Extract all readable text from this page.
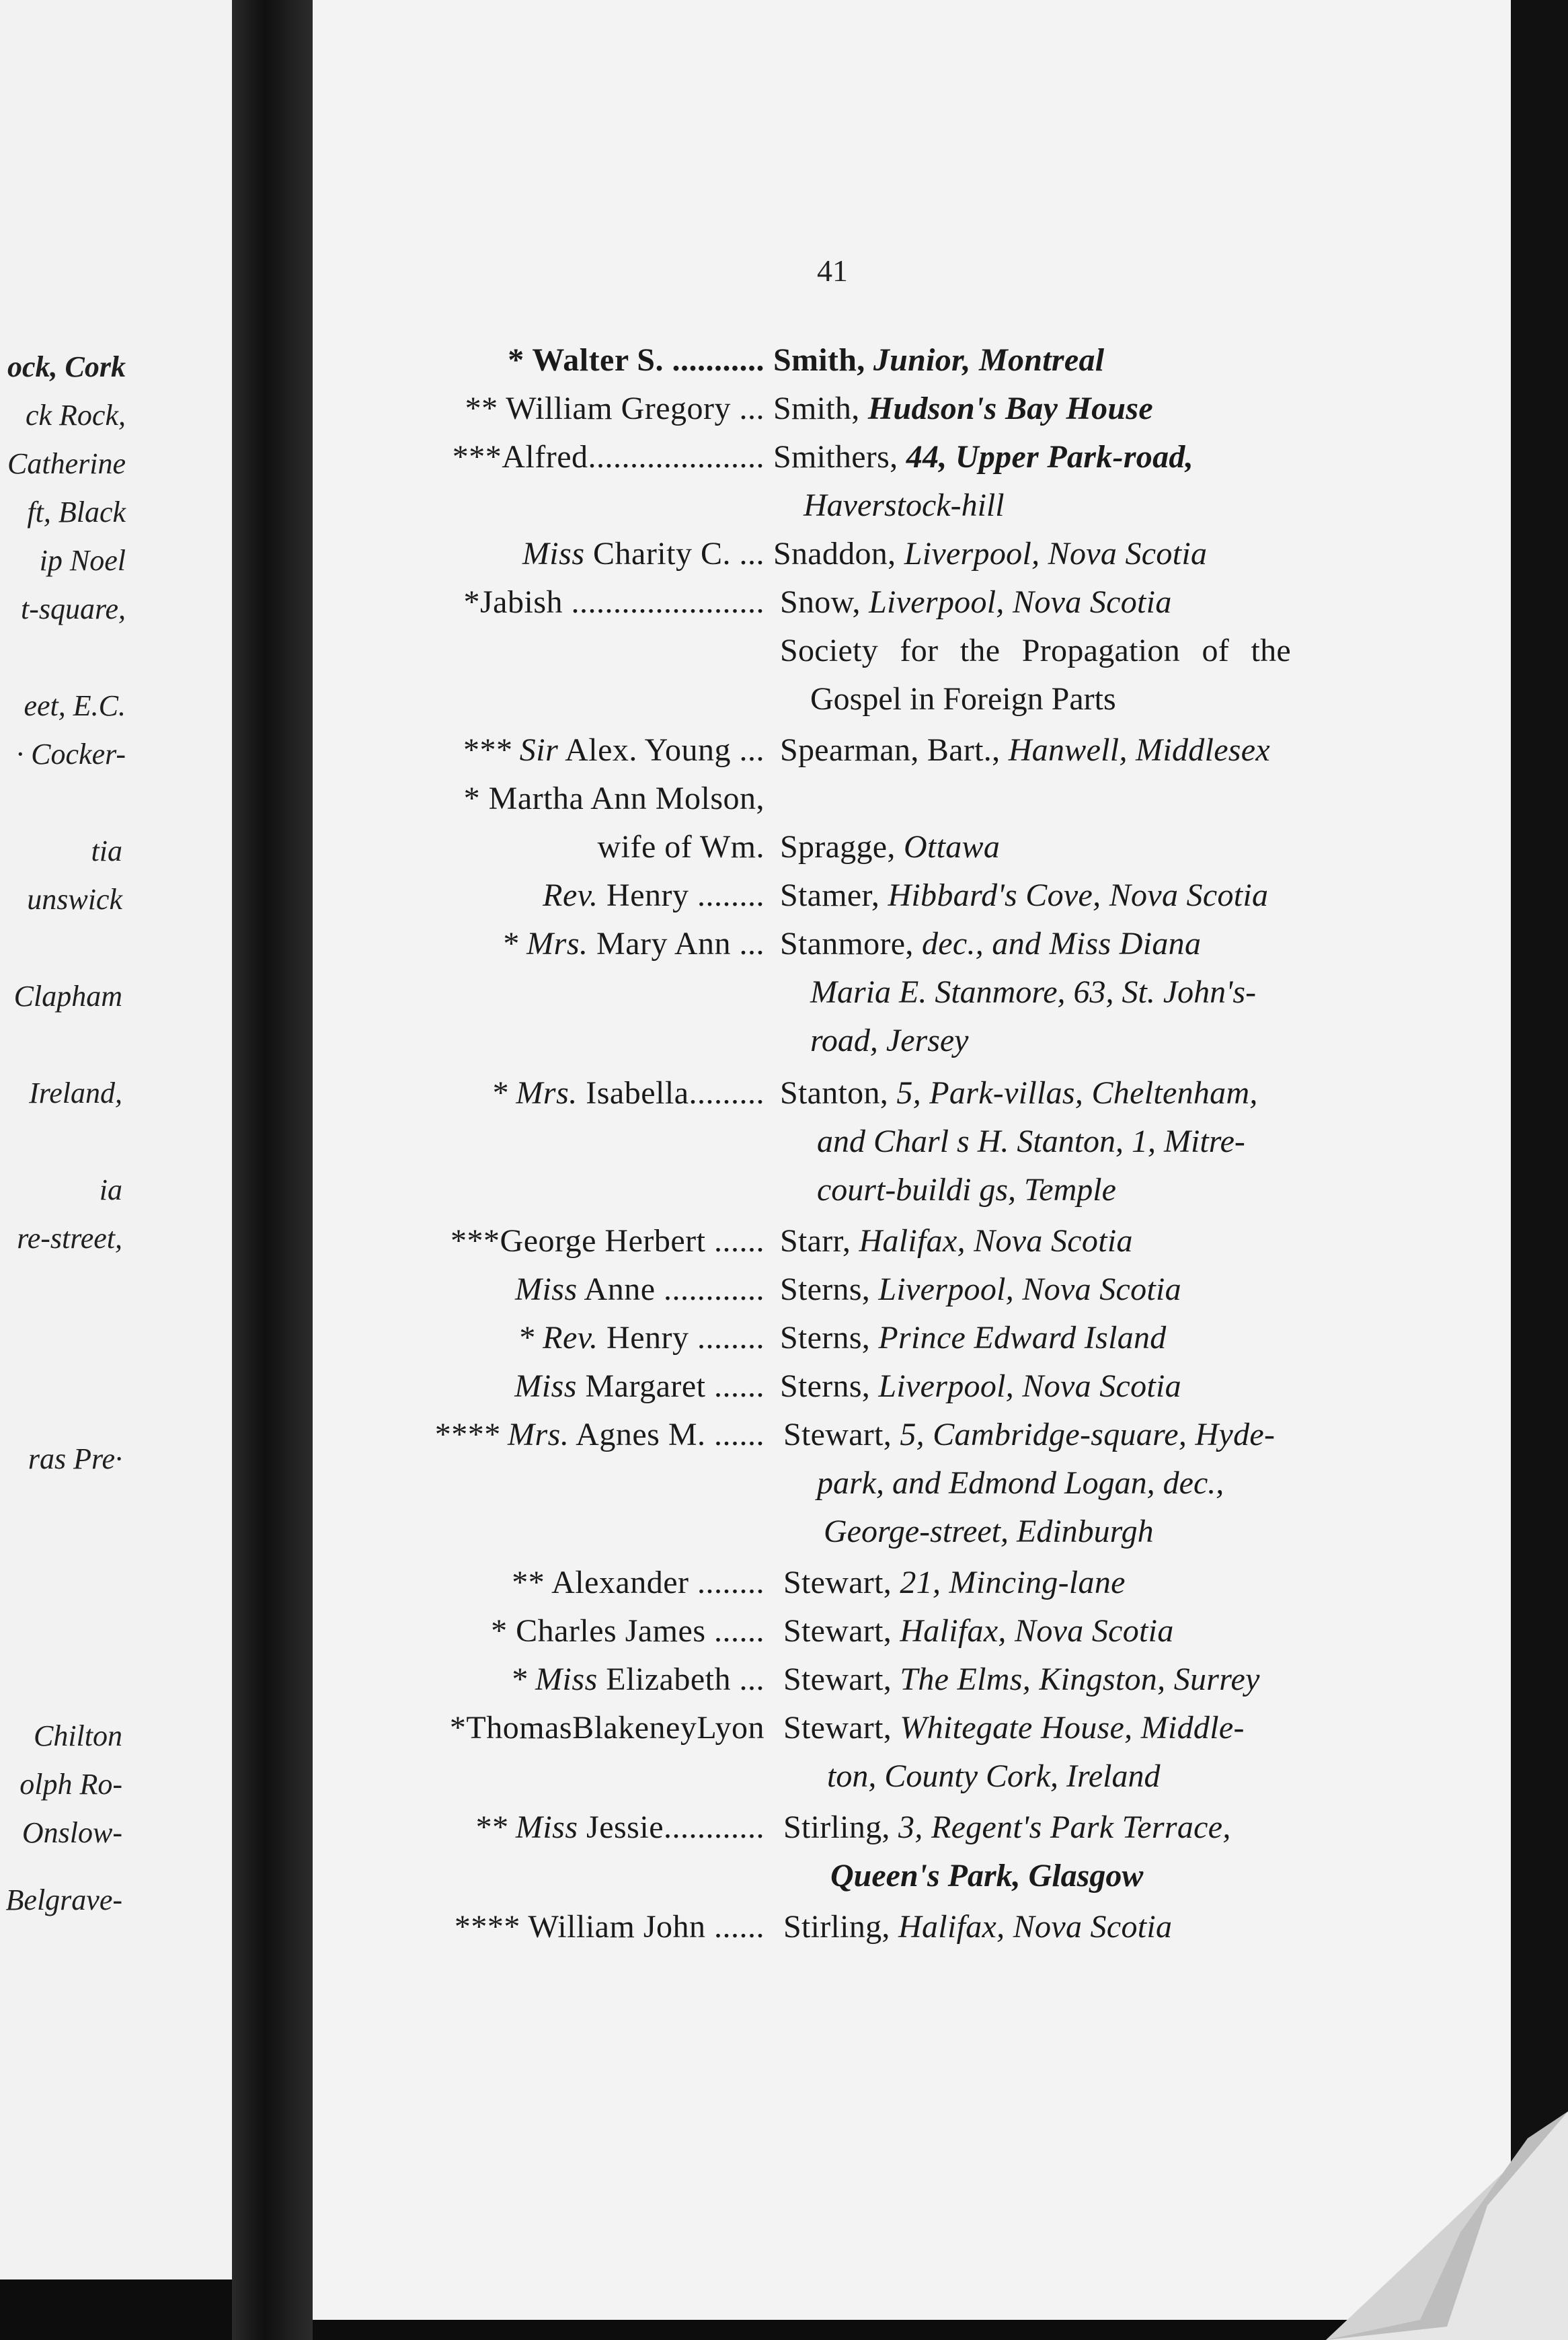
ock, Cork
ck Rock,
Catherine
ft, Black
ip Noel
t-square,
eet, E.C.
· Cocker-
tia
unswick
Clapham
Ireland,
ia
re-street,
ras Pre·
Chilton
olph Ro-
Onslow-
Belgrave-
41
* Walter S. ........... Smith, Junior, Montreal
** William Gregory ... Smith, Hudson's Bay House
***Alfred..................... Smithers, 44, Upper Park-road,
Haverstock-hill
Miss Charity C. ... Snaddon, Liverpool, Nova Scotia
*Jabish ....................... Snow, Liverpool, Nova Scotia
Society for the Propagation of the
Gospel in Foreign Parts
*** Sir Alex. Young ... Spearman, Bart., Hanwell, Middlesex
* Martha Ann Molson,
wife of Wm. Spragge, Ottawa
Rev. Henry ........ Stamer, Hibbard's Cove, Nova Scotia
* Mrs. Mary Ann ... Stanmore, dec., and Miss Diana
Maria E. Stanmore, 63, St. John's-
road, Jersey
* Mrs. Isabella......... Stanton, 5, Park-villas, Cheltenham,
and Charl s H. Stanton, 1, Mitre-
court-buildi gs, Temple
***George Herbert ...... Starr, Halifax, Nova Scotia
Miss Anne ............ Sterns, Liverpool, Nova Scotia
* Rev. Henry ........ Sterns, Prince Edward Island
Miss Margaret ...... Sterns, Liverpool, Nova Scotia
**** Mrs. Agnes M. ...... Stewart, 5, Cambridge-square, Hyde-
park, and Edmond Logan, dec.,
George-street, Edinburgh
** Alexander ........ Stewart, 21, Mincing-lane
* Charles James ...... Stewart, Halifax, Nova Scotia
* Miss Elizabeth ... Stewart, The Elms, Kingston, Surrey
*ThomasBlakeneyLyon Stewart, Whitegate House, Middle-
ton, County Cork, Ireland
** Miss Jessie............ Stirling, 3, Regent's Park Terrace,
Queen's Park, Glasgow
**** William John ...... Stirling, Halifax, Nova Scotia
